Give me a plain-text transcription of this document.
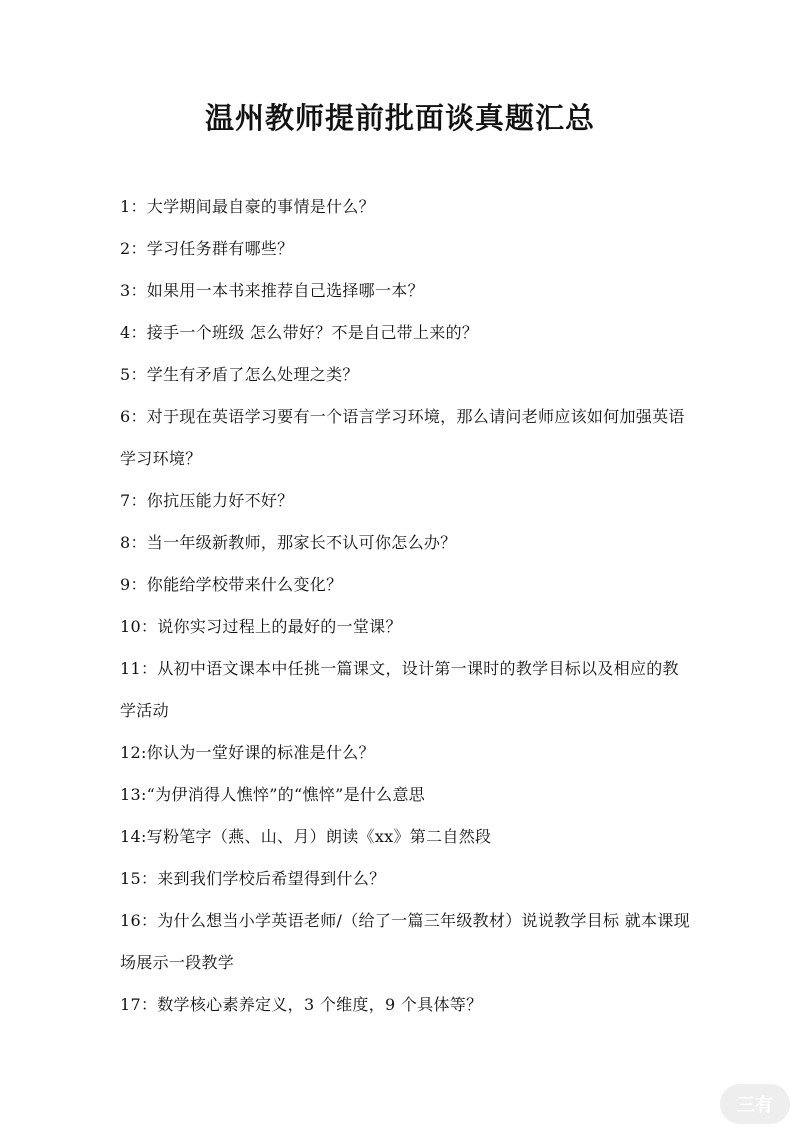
温州教师提前批面谈真题汇总

1：大学期间最自豪的事情是什么？

2：学习任务群有哪些？

3：如果用一本书来推荐自己选择哪一本？

4：接手一个班级 怎么带好？不是自己带上来的？

5：学生有矛盾了怎么处理之类？

6：对于现在英语学习要有一个语言学习环境，那么请问老师应该如何加强英语学习环境？

7：你抗压能力好不好？

8：当一年级新教师，那家长不认可你怎么办？

9：你能给学校带来什么变化？

10：说你实习过程上的最好的一堂课？

11：从初中语文课本中任挑一篇课文，设计第一课时的教学目标以及相应的教学活动

12:你认为一堂好课的标准是什么？

13:“为伊消得人憔悴”的“憔悴”是什么意思

14:写粉笔字（燕、山、月）朗读《xx》第二自然段

15：来到我们学校后希望得到什么？

16：为什么想当小学英语老师/（给了一篇三年级教材）说说教学目标 就本课现场展示一段教学

17：数学核心素养定义，3 个维度，9 个具体等？

三有
